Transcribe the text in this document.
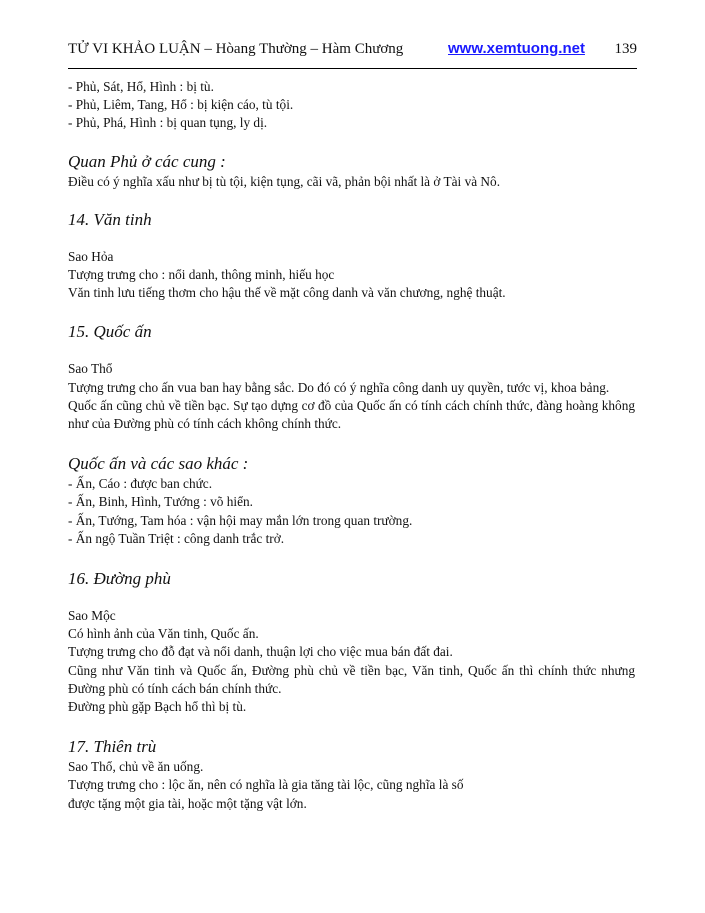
TỬ VI KHẢO LUẬN – Hòang Thường – Hàm Chương	www.xemtuong.net 139

- Phủ, Sát, Hổ, Hình : bị tù.

- Phủ, Liêm, Tang, Hổ : bị kiện cáo, tù tội.

- Phủ, Phá, Hình : bị quan tụng, ly dị.

Quan Phủ ở các cung :

Điều có ý nghĩa xấu như bị tù tội, kiện tụng, cãi vã, phản bội nhất là ở Tài và Nô.

14. Văn tinh

Sao Hỏa

Tượng trưng cho : nổi danh, thông minh, hiếu học

Văn tinh lưu tiếng thơm cho hậu thế về mặt công danh và văn chương, nghệ thuật.

15. Quốc ấn

Sao Thổ

Tượng trưng cho ấn vua ban hay bằng sắc. Do đó có ý nghĩa công danh uy quyền, tước vị, khoa bảng.

Quốc ấn cũng chủ về tiền bạc. Sự tạo dựng cơ đồ của Quốc ấn có tính cách chính thức, đàng hoàng không như của Đường phù có tính cách không chính thức.

Quốc ấn và các sao khác :

- Ấn, Cáo : được ban chức.

- Ấn, Binh, Hình, Tướng : võ hiển.

- Ấn, Tướng, Tam hóa : vận hội may mắn lớn trong quan trường.

- Ấn ngộ Tuần Triệt : công danh trắc trở.

16. Đường phù

Sao Mộc

Có hình ảnh của Văn tinh, Quốc ấn.

Tượng trưng cho đỗ đạt và nổi danh, thuận lợi cho việc mua bán đất đai.

Cũng như Văn tinh và Quốc ấn, Đường phù chủ về tiền bạc, Văn tinh, Quốc ấn thì chính thức nhưng Đường phù có tính cách bán chính thức.

Đường phù gặp Bạch hổ thì bị tù.

17. Thiên trù

Sao Thổ, chủ về ăn uống.

Tượng trưng cho : lộc ăn, nên có nghĩa là gia tăng tài lộc, cũng nghĩa là số

được tặng một gia tài, hoặc một tặng vật lớn.
